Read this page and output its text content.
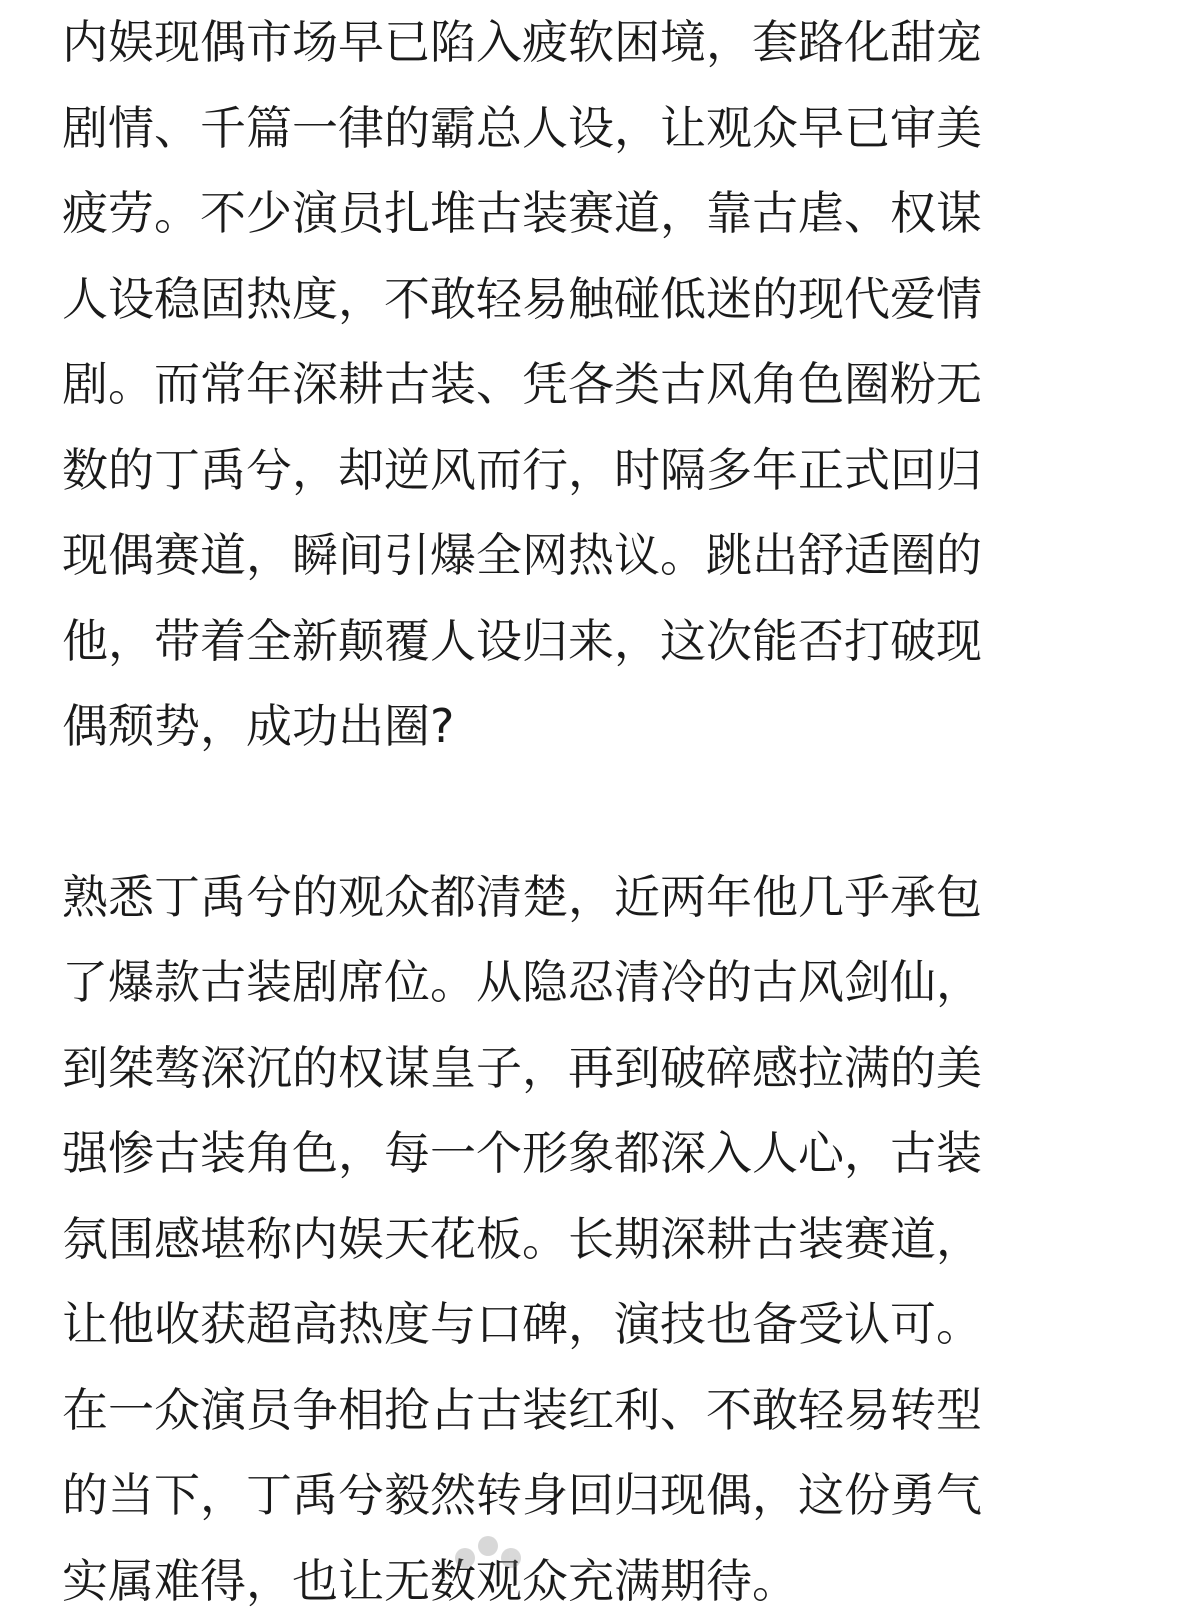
内娱现偶市场早已陷入疲软困境，套路化甜宠
剧情、千篇一律的霸总人设，让观众早已审美
疲劳。不少演员扎堆古装赛道，靠古虐、权谋
人设稳固热度，不敢轻易触碰低迷的现代爱情
剧。而常年深耕古装、凭各类古风角色圈粉无
数的丁禹兮，却逆风而行，时隔多年正式回归
现偶赛道，瞬间引爆全网热议。跳出舒适圈的
他，带着全新颠覆人设归来，这次能否打破现
偶颓势，成功出圈?

熟悉丁禹兮的观众都清楚，近两年他几乎承包
了爆款古装剧席位。从隐忍清冷的古风剑仙，
到桀骜深沉的权谋皇子，再到破碎感拉满的美
强惨古装角色，每一个形象都深入人心，古装
氛围感堪称内娱天花板。长期深耕古装赛道，
让他收获超高热度与口碑，演技也备受认可。
在一众演员争相抢占古装红利、不敢轻易转型
的当下，丁禹兮毅然转身回归现偶，这份勇气
实属难得，也让无数观众充满期待。
